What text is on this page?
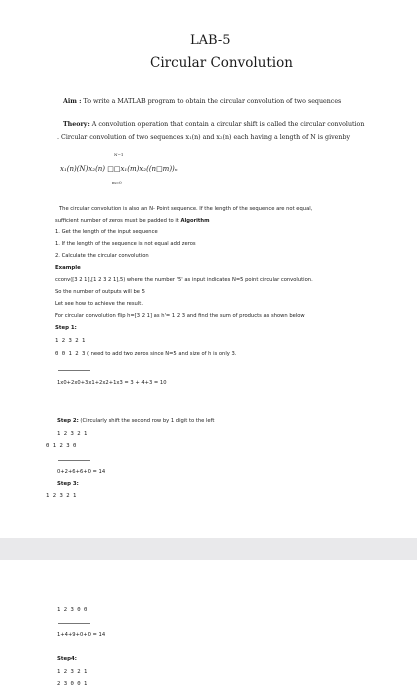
LAB-5
Circular Convolution
Aim : To write a MATLAB program to obtain the circular convolution of two sequences
Theory: A convolution operation that contain a circular shift is called the circular convolution
. Circular convolution of two sequences x₁(n) and x₂(n) each having a length of N is givenby
N−1
x₁(n)(N)x₂(n) □□x₁(m)x₂((n□m))ₙ
m=0
The circular convolution is also an N- Point sequence. If the length of the sequence are not equal,
sufficient number of zeros must be padded to it Algorithm
1. Get the length of the input sequence
1. If the length of the sequence is not equal add zeros
2. Calculate the circular convolution
Example
cconv([3 2 1],[1 2 3 2 1],5) where the number '5' as input indicates N=5 point circular convolution.
So the number of outputs will be 5
Let see how to achieve the result.
For circular convolution flip h=[3 2 1] as h'= 1 2 3 and find the sum of products as shown below
Step 1:
1 2 3 2 1
0 0 1 2 3 ( need to add two zeros since N=5 and size of h is only 3.
1x0+2x0+3x1+2x2+1x3 = 3 + 4+3 = 10
Step 2: (Circularly shift the second row by 1 digit to the left
1 2 3 2 1
0 1 2 3 0
0+2+6+6+0 = 14
Step 3:
1 2 3 2 1
1 2 3 0 0
1+4+9+0+0 = 14
Step4:
1 2 3 2 1
2 3 0 0 1
